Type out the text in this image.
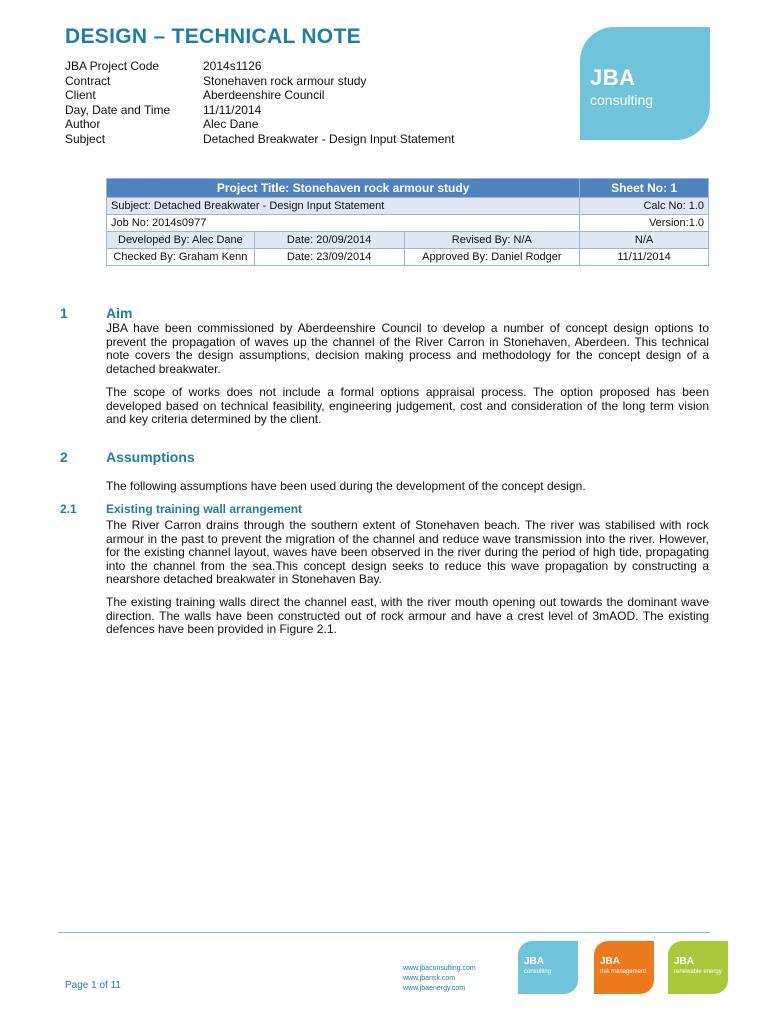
DESIGN – TECHNICAL NOTE
JBA Project Code	2014s1126
Contract	Stonehaven rock armour study
Client	Aberdeenshire Council
Day, Date and Time	11/11/2014
Author	Alec Dane
Subject	Detached Breakwater - Design Input Statement
JBA
consulting
Project Title: Stonehaven rock armour study			Sheet No: 1
Subject: Detached Breakwater - Design Input Statement			Calc No: 1.0
Job No: 2014s0977			Version:1.0
Developed By: Alec Dane	Date: 20/09/2014	Revised By: N/A	N/A
Checked By: Graham Kenn	Date: 23/09/2014	Approved By: Daniel Rodger	11/11/2014
1	Aim
JBA have been commissioned by Aberdeenshire Council to develop a number of concept design options to prevent the propagation of waves up the channel of the River Carron in Stonehaven, Aberdeen. This technical note covers the design assumptions, decision making process and methodology for the concept design of a detached breakwater.
The scope of works does not include a formal options appraisal process. The option proposed has been developed based on technical feasibility, engineering judgement, cost and consideration of the long term vision and key criteria determined by the client.
2	Assumptions
The following assumptions have been used during the development of the concept design.
2.1 Existing training wall arrangement
The River Carron drains through the southern extent of Stonehaven beach. The river was stabilised with rock armour in the past to prevent the migration of the channel and reduce wave transmission into the river. However, for the existing channel layout, waves have been observed in the river during the period of high tide, propagating into the channel from the sea.This concept design seeks to reduce this wave propagation by constructing a nearshore detached breakwater in Stonehaven Bay.
The existing training walls direct the channel east, with the river mouth opening out towards the dominant wave direction. The walls have been constructed out of rock armour and have a crest level of 3mAOD. The existing defences have been provided in Figure 2.1.
Page 1 of 11
www.jbaconsulting.com
www.jbarisk.com
www.jbaenergy.com
JBA
consulting
JBA
risk management
JBA
renewable energy
